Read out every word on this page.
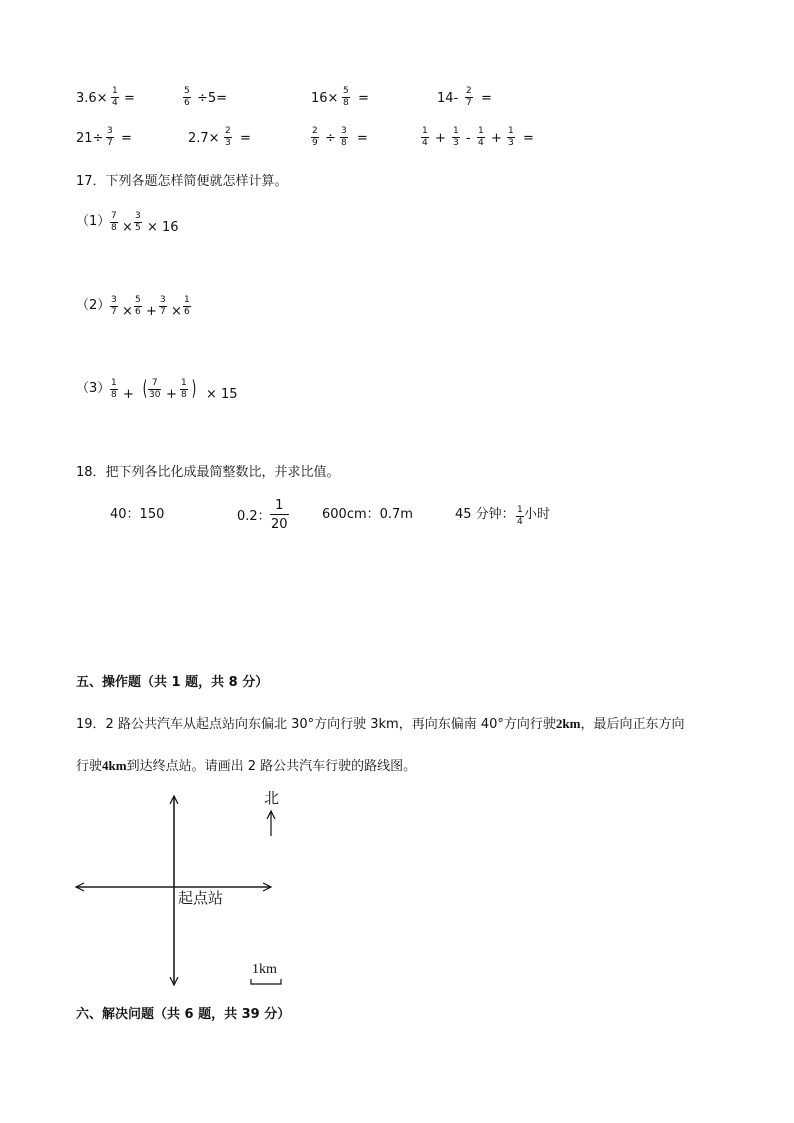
$3.6\times \frac{1}{4}$ =	$\frac{5}{6} \div 5=$	$16\times \frac{5}{8}$ =	$14- \frac{2}{7}$ =
$21\div \frac{3}{7}$ =	$2.7\times \frac{2}{3}$ =	$\frac{2}{9} \div \frac{3}{8}$ =	$\frac{1}{4} + \frac{1}{3} - \frac{1}{4} + \frac{1}{3}$ =
17．下列各题怎样简便就怎样计算。
$(1) \frac{7}{8} \times \frac{3}{5} \times 16$
$(2) \frac{3}{7} \times \frac{5}{6} + \frac{3}{7} \times \frac{1}{6}$
$(3) \frac{1}{8}$ + ( $\frac{7}{30} + \frac{1}{8}$ ) × 15
18．把下列各比化成最简整数比，并求比值。
40：150	0.2： $\frac{1}{20}$	600cm：0.7m	45 分钟： $\frac{1}{4}$ 小时
五、操作题（共 1 题，共 8 分）
19．2 路公共汽车从起点站向东偏北 30°方向行驶 3km，再向东偏南 40°方向行驶2km，最后向正东方向
行驶4km到达终点站。请画出 2 路公共汽车行驶的路线图。
北
起点站
1km
六、解决问题（共 6 题，共 39 分）
